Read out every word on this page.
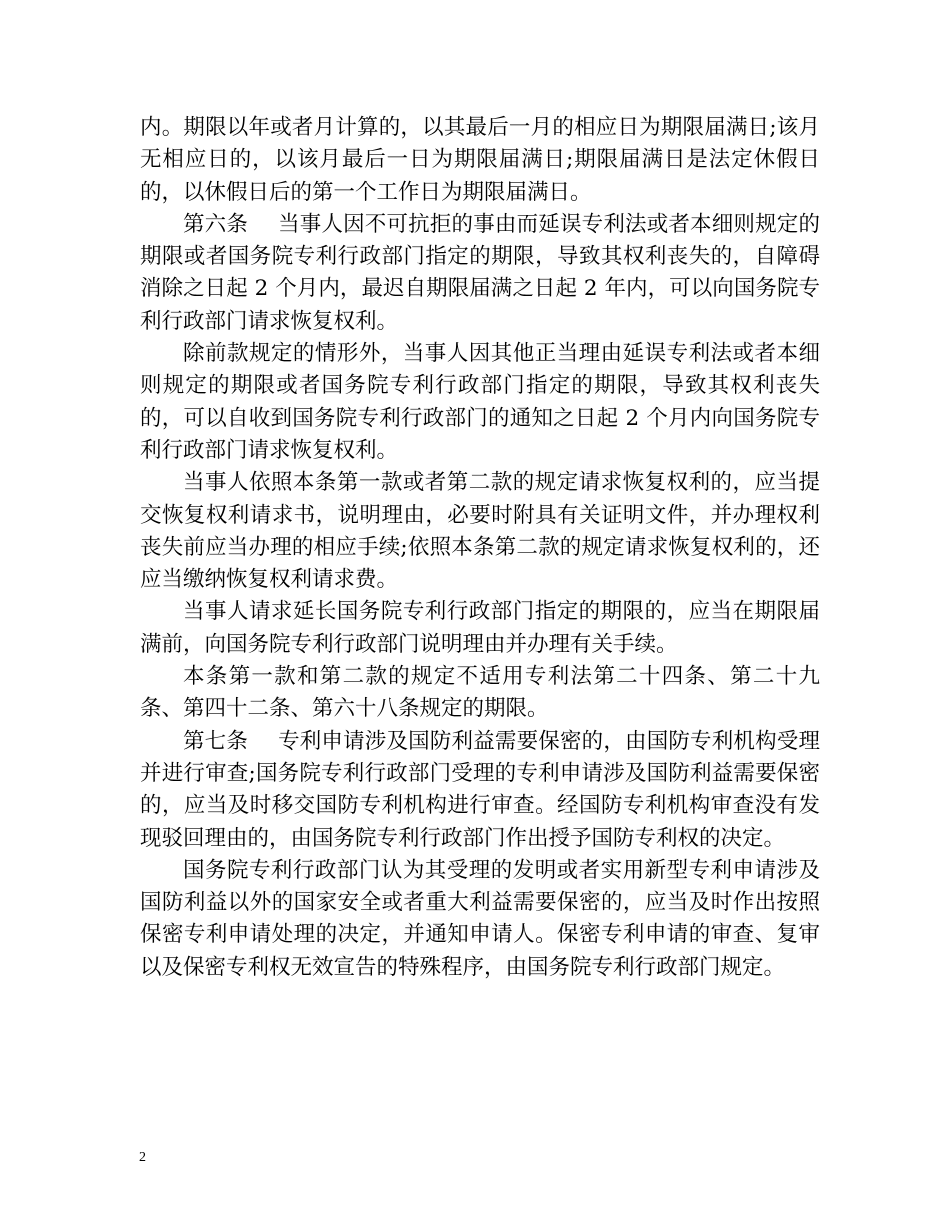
内。期限以年或者月计算的，以其最后一月的相应日为期限届满日;该月无相应日的，以该月最后一日为期限届满日;期限届满日是法定休假日的，以休假日后的第一个工作日为期限届满日。

第六条 当事人因不可抗拒的事由而延误专利法或者本细则规定的期限或者国务院专利行政部门指定的期限，导致其权利丧失的，自障碍消除之日起 2 个月内，最迟自期限届满之日起 2 年内，可以向国务院专利行政部门请求恢复权利。

除前款规定的情形外，当事人因其他正当理由延误专利法或者本细则规定的期限或者国务院专利行政部门指定的期限，导致其权利丧失的，可以自收到国务院专利行政部门的通知之日起 2 个月内向国务院专利行政部门请求恢复权利。

当事人依照本条第一款或者第二款的规定请求恢复权利的，应当提交恢复权利请求书，说明理由，必要时附具有关证明文件，并办理权利丧失前应当办理的相应手续;依照本条第二款的规定请求恢复权利的，还应当缴纳恢复权利请求费。

当事人请求延长国务院专利行政部门指定的期限的，应当在期限届满前，向国务院专利行政部门说明理由并办理有关手续。

本条第一款和第二款的规定不适用专利法第二十四条、第二十九条、第四十二条、第六十八条规定的期限。

第七条 专利申请涉及国防利益需要保密的，由国防专利机构受理并进行审查;国务院专利行政部门受理的专利申请涉及国防利益需要保密的，应当及时移交国防专利机构进行审查。经国防专利机构审查没有发现驳回理由的，由国务院专利行政部门作出授予国防专利权的决定。

国务院专利行政部门认为其受理的发明或者实用新型专利申请涉及国防利益以外的国家安全或者重大利益需要保密的，应当及时作出按照保密专利申请处理的决定，并通知申请人。保密专利申请的审查、复审以及保密专利权无效宣告的特殊程序，由国务院专利行政部门规定。

2
